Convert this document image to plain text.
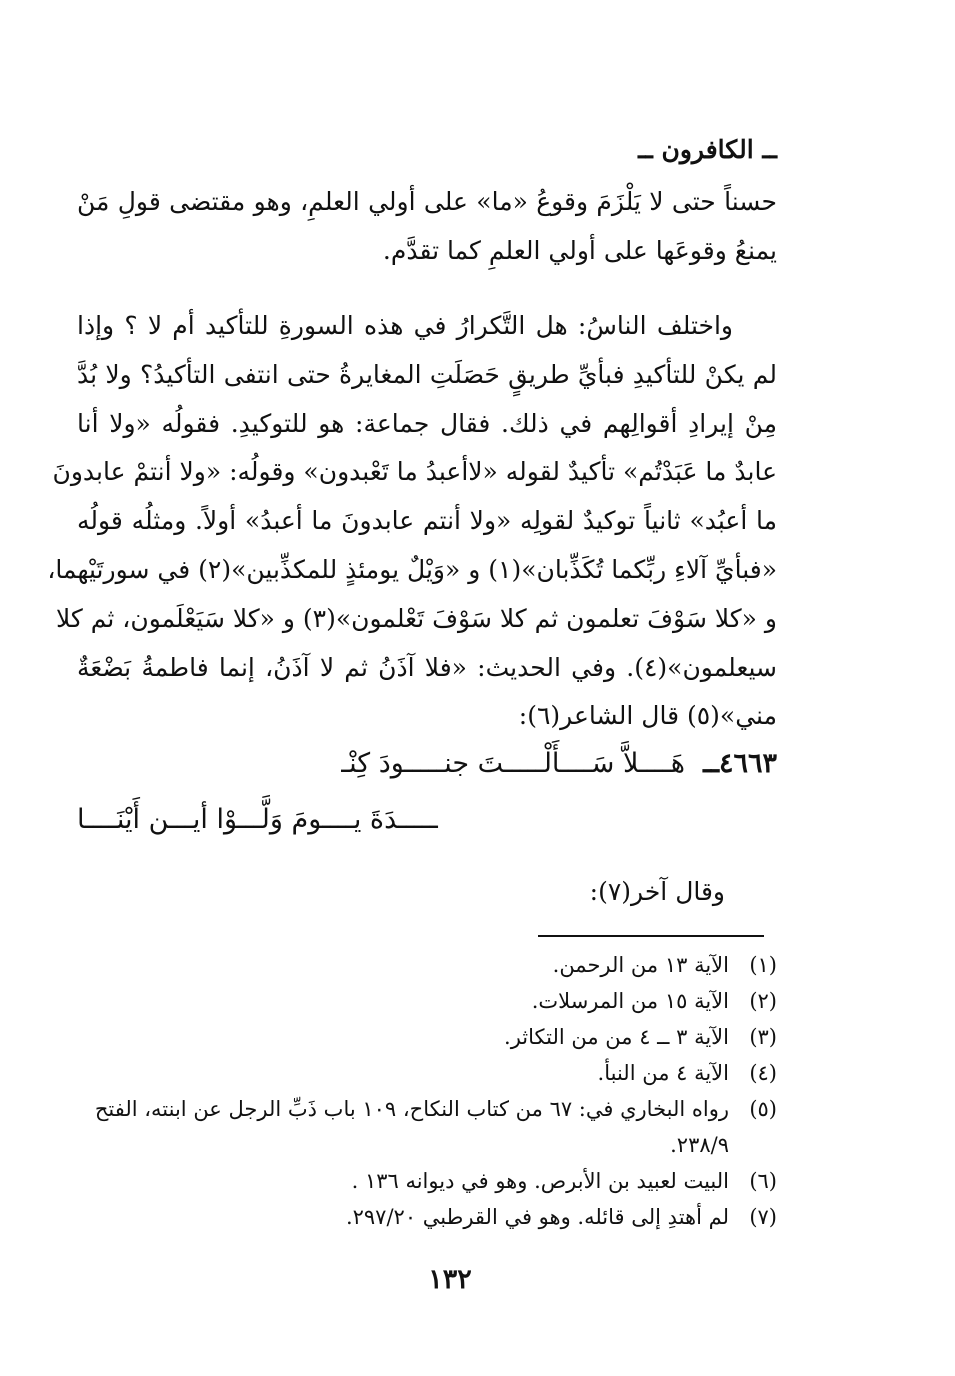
ــ الكافرون ــ
حسناً حتى لا يَلْزَمَ وقوعُ «ما» على أولي العلمِ، وهو مقتضى قولِ مَنْ
يمنعُ وقوعَها على أولي العلمِ كما تقدَّم.
واختلف الناسُ: هل التَّكرارُ في هذه السورةِ للتأكيد أم لا ؟ وإذا
لم يكنْ للتأكيدِ فبأيِّ طريقٍ حَصَلَتِ المغايرةُ حتى انتفى التأكيدُ؟ ولا بُدَّ
مِنْ إيرادِ أقوالِهم في ذلك. فقال جماعة: هو للتوكيدِ. فقولُه «ولا أنا
عابدٌ ما عَبَدْتُم» تأكيدٌ لقوله «لاأعبدُ ما تَعْبدون» وقولُه: «ولا أنتمْ عابدونَ
ما أعبُد» ثانياً توكيدٌ لقولِه «ولا أنتم عابدونَ ما أعبدُ» أولاً. ومثلُه قولُه
«فبأيِّ آلاءِ ربِّكما تُكَذِّبان»(١) و «وَيْلٌ يومئذٍ للمكذِّبين»(٢) في سورتَيْهما،
و «كلا سَوْفَ تعلمون ثم كلا سَوْفَ تَعْلمون»(٣) و «كلا سَيَعْلَمون، ثم كلا
سيعلمون»(٤). وفي الحديث: «فلا آذَنُ ثم لا آذَنُ، إنما فاطمةُ بَضْعَةٌ
مني»(٥) قال الشاعر(٦):
٤٦٦٣ــ
هَــــلاَّ سَــــأَلْـــــتَ جنـــــودَ كِنْـ
ـــــدَةَ يــــومَ وَلَّـــوْا أيـــن أَيْنَــــا
وقال آخر(٧):
(١)
الآية ١٣ من الرحمن.
(٢)
الآية ١٥ من المرسلات.
(٣)
الآية ٣ ــ ٤ من من التكاثر.
(٤)
الآية ٤ من النبأ.
(٥)
رواه البخاري في: ٦٧ من كتاب النكاح، ١٠٩ باب ذَبِّ الرجل عن ابنته، الفتح ٢٣٨/٩.
(٦)
البيت لعبيد بن الأبرص. وهو في ديوانه ١٣٦ .
(٧)
لم أهتدِ إلى قائله. وهو في القرطبي ٢٩٧/٢٠.
١٣٢
